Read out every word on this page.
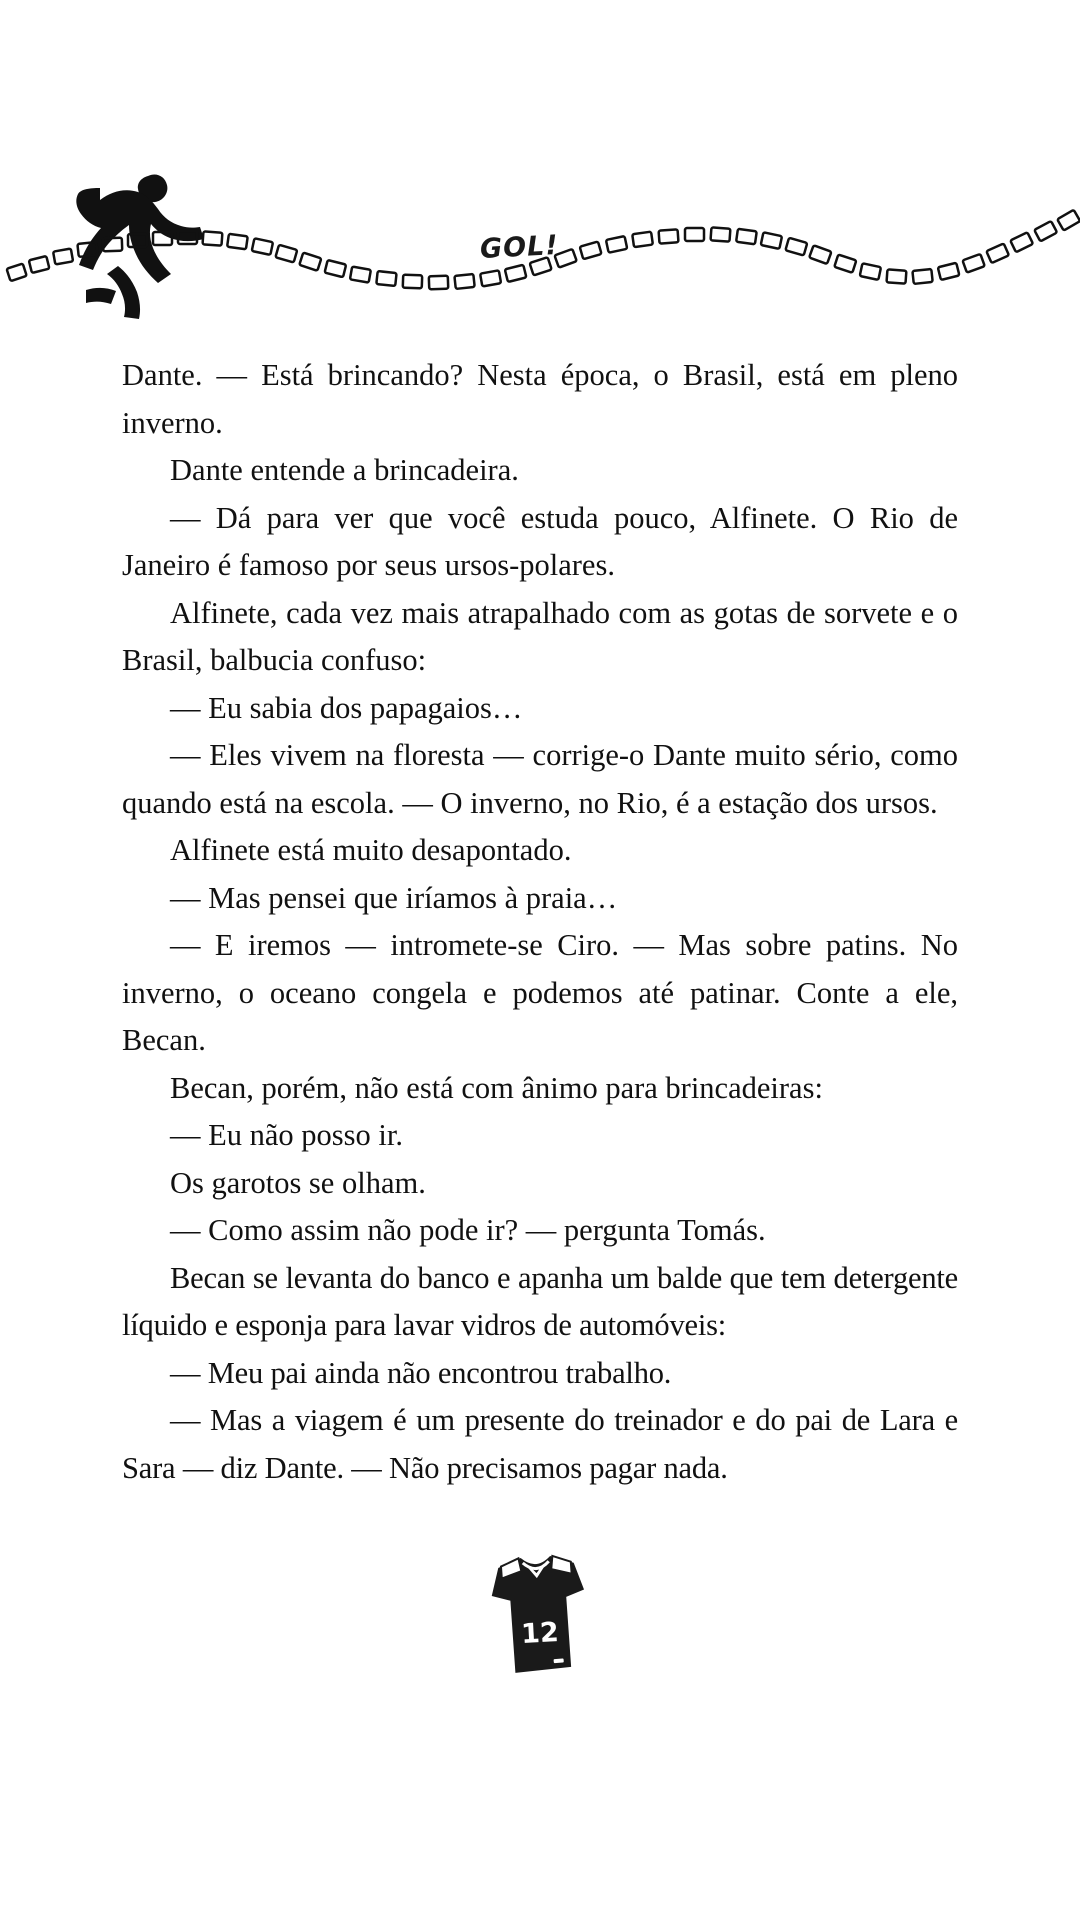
GOL!

Dante. — Está brincando? Nesta época, o Brasil, está em pleno inverno.

Dante entende a brincadeira.

— Dá para ver que você estuda pouco, Alfinete. O Rio de Janeiro é famoso por seus ursos-polares.

Alfinete, cada vez mais atrapalhado com as gotas de sorvete e o Brasil, balbucia confuso:

— Eu sabia dos papagaios…

— Eles vivem na floresta — corrige-o Dante muito sério, como quando está na escola. — O inverno, no Rio, é a estação dos ursos.

Alfinete está muito desapontado.

— Mas pensei que iríamos à praia…

— E iremos — intromete-se Ciro. — Mas sobre patins. No inverno, o oceano congela e podemos até patinar. Conte a ele, Becan.

Becan, porém, não está com ânimo para brincadeiras:

— Eu não posso ir.

Os garotos se olham.

— Como assim não pode ir? — pergunta Tomás.

Becan se levanta do banco e apanha um balde que tem detergente líquido e esponja para lavar vidros de automóveis:

— Meu pai ainda não encontrou trabalho.

— Mas a viagem é um presente do treinador e do pai de Lara e Sara — diz Dante. — Não precisamos pagar nada.

12
